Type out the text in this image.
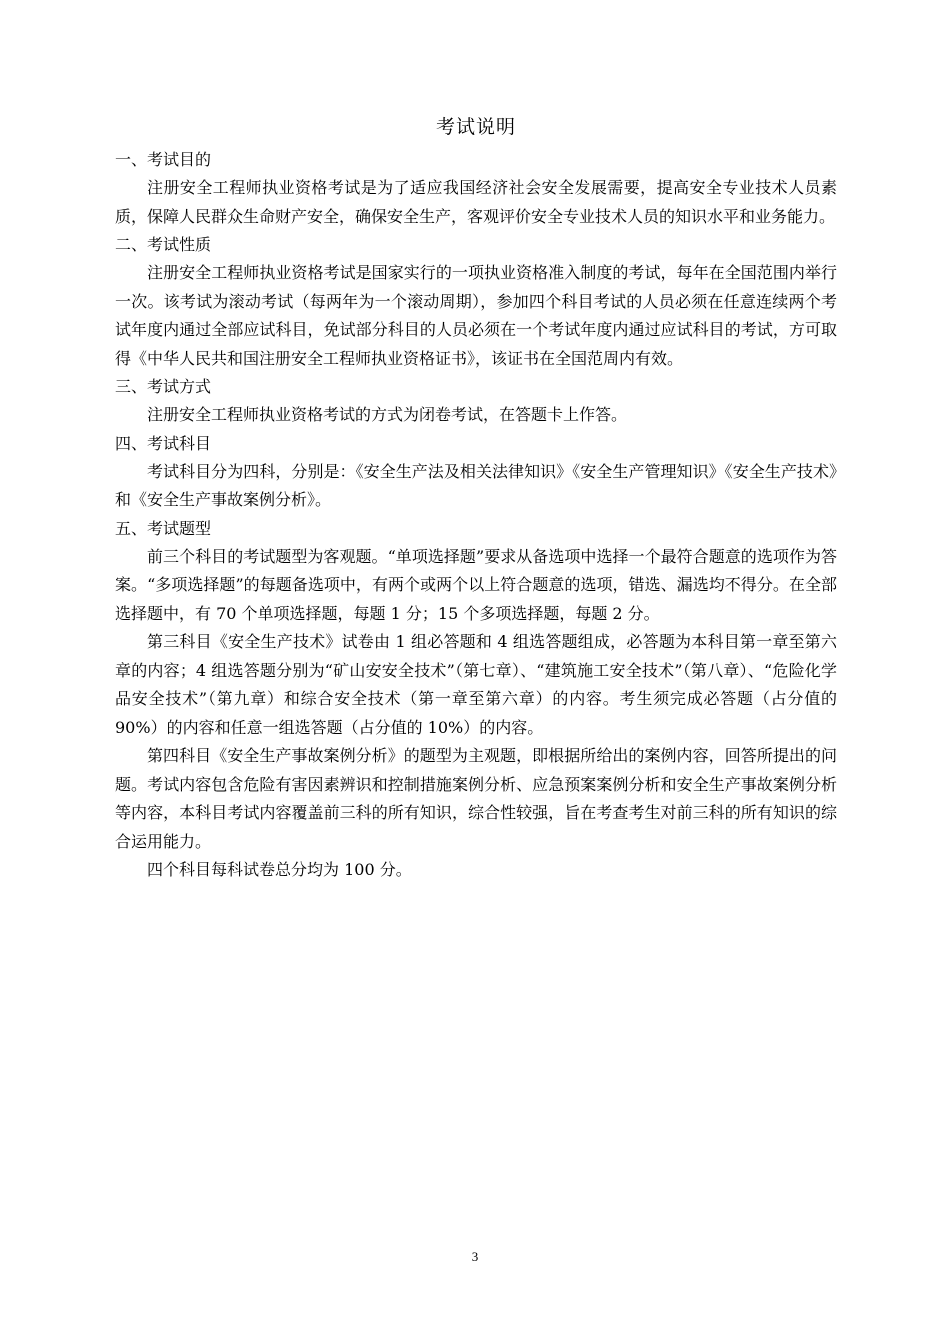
考试说明

一、考试目的

注册安全工程师执业资格考试是为了适应我国经济社会安全发展需要，提高安全专业技术人员素质，保障人民群众生命财产安全，确保安全生产，客观评价安全专业技术人员的知识水平和业务能力。

二、考试性质

注册安全工程师执业资格考试是国家实行的一项执业资格准入制度的考试，每年在全国范围内举行一次。该考试为滚动考试（每两年为一个滚动周期），参加四个科目考试的人员必须在任意连续两个考试年度内通过全部应试科目，免试部分科目的人员必须在一个考试年度内通过应试科目的考试，方可取得《中华人民共和国注册安全工程师执业资格证书》，该证书在全国范周内有效。

三、考试方式

注册安全工程师执业资格考试的方式为闭卷考试，在答题卡上作答。

四、考试科目

考试科目分为四科，分别是：《安全生产法及相关法律知识》《安全生产管理知识》《安全生产技术》和《安全生产事故案例分析》。

五、考试题型

前三个科目的考试题型为客观题。“单项选择题”要求从备选项中选择一个最符合题意的选项作为答案。“多项选择题”的每题备选项中，有两个或两个以上符合题意的选项，错选、漏选均不得分。在全部选择题中，有 70 个单项选择题，每题 1 分；15 个多项选择题，每题 2 分。

第三科目《安全生产技术》试卷由 1 组必答题和 4 组选答题组成，必答题为本科目第一章至第六章的内容；4 组选答题分别为“矿山安安全技术”（第七章）、“建筑施工安全技术”（第八章）、“危险化学品安全技术”（第九章）和综合安全技术（第一章至第六章）的内容。考生须完成必答题（占分值的 90%）的内容和任意一组选答题（占分值的 10%）的内容。

第四科目《安全生产事故案例分析》的题型为主观题，即根据所给出的案例内容，回答所提出的问题。考试内容包含危险有害因素辨识和控制措施案例分析、应急预案案例分析和安全生产事故案例分析等内容，本科目考试内容覆盖前三科的所有知识，综合性较强，旨在考查考生对前三科的所有知识的综合运用能力。

四个科目每科试卷总分均为 100 分。

3
